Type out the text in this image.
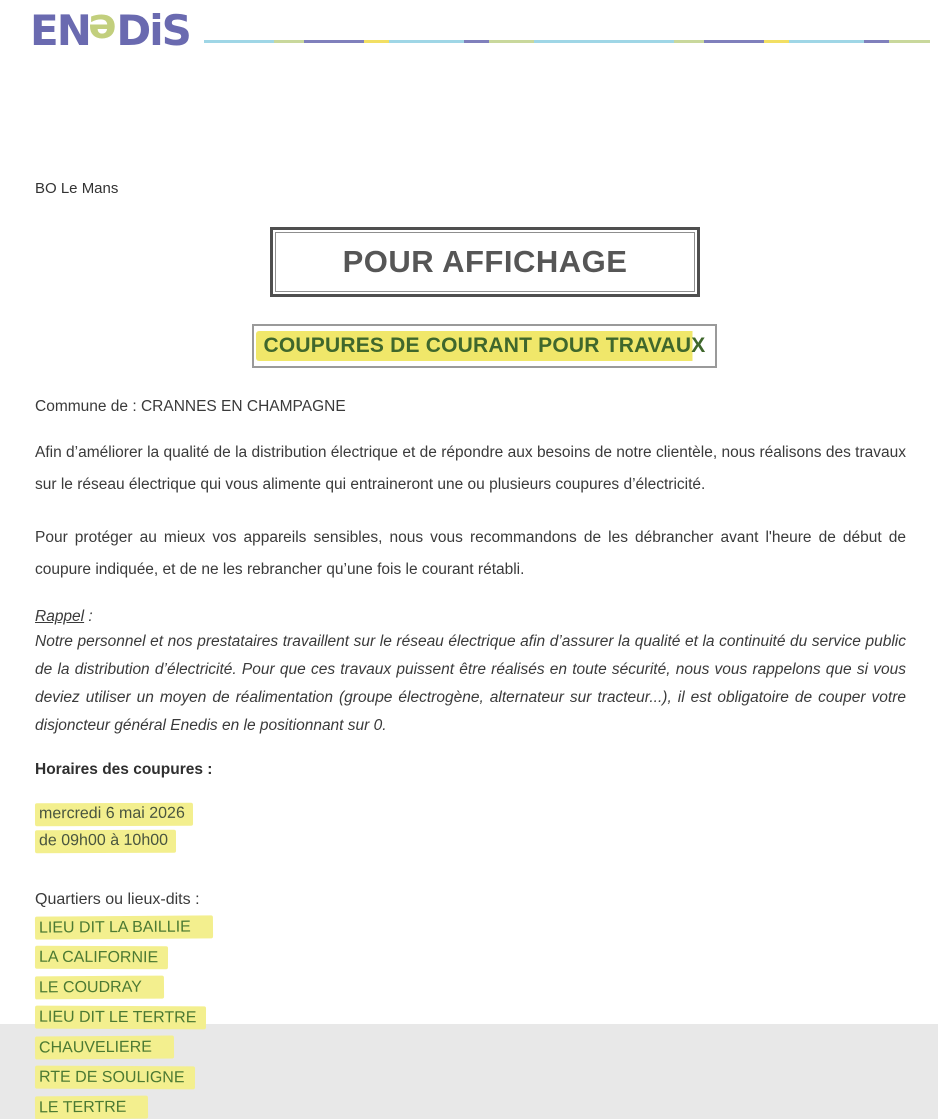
ENeDiS
BO Le Mans
POUR AFFICHAGE
COUPURES DE COURANT POUR TRAVAUX
Commune de : CRANNES EN CHAMPAGNE
Afin d’améliorer la qualité de la distribution électrique et de répondre aux besoins de notre clientèle, nous réalisons des travaux sur le réseau électrique qui vous alimente qui entraineront une ou plusieurs coupures d’électricité.
Pour protéger au mieux vos appareils sensibles, nous vous recommandons de les débrancher avant l'heure de début de coupure indiquée, et de ne les rebrancher qu’une fois le courant rétabli.
Rappel :
Notre personnel et nos prestataires travaillent sur le réseau électrique afin d’assurer la qualité et la continuité du service public de la distribution d’électricité. Pour que ces travaux puissent être réalisés en toute sécurité, nous vous rappelons que si vous deviez utiliser un moyen de réalimentation (groupe électrogène, alternateur sur tracteur...), il est obligatoire de couper votre disjoncteur général Enedis en le positionnant sur 0.
Horaires des coupures :
mercredi 6 mai 2026
de 09h00 à 10h00
Quartiers ou lieux-dits :
LIEU DIT LA BAILLIE
LA CALIFORNIE
LE COUDRAY
LIEU DIT LE TERTRE
CHAUVELIERE
RTE DE SOULIGNE
LE TERTRE
